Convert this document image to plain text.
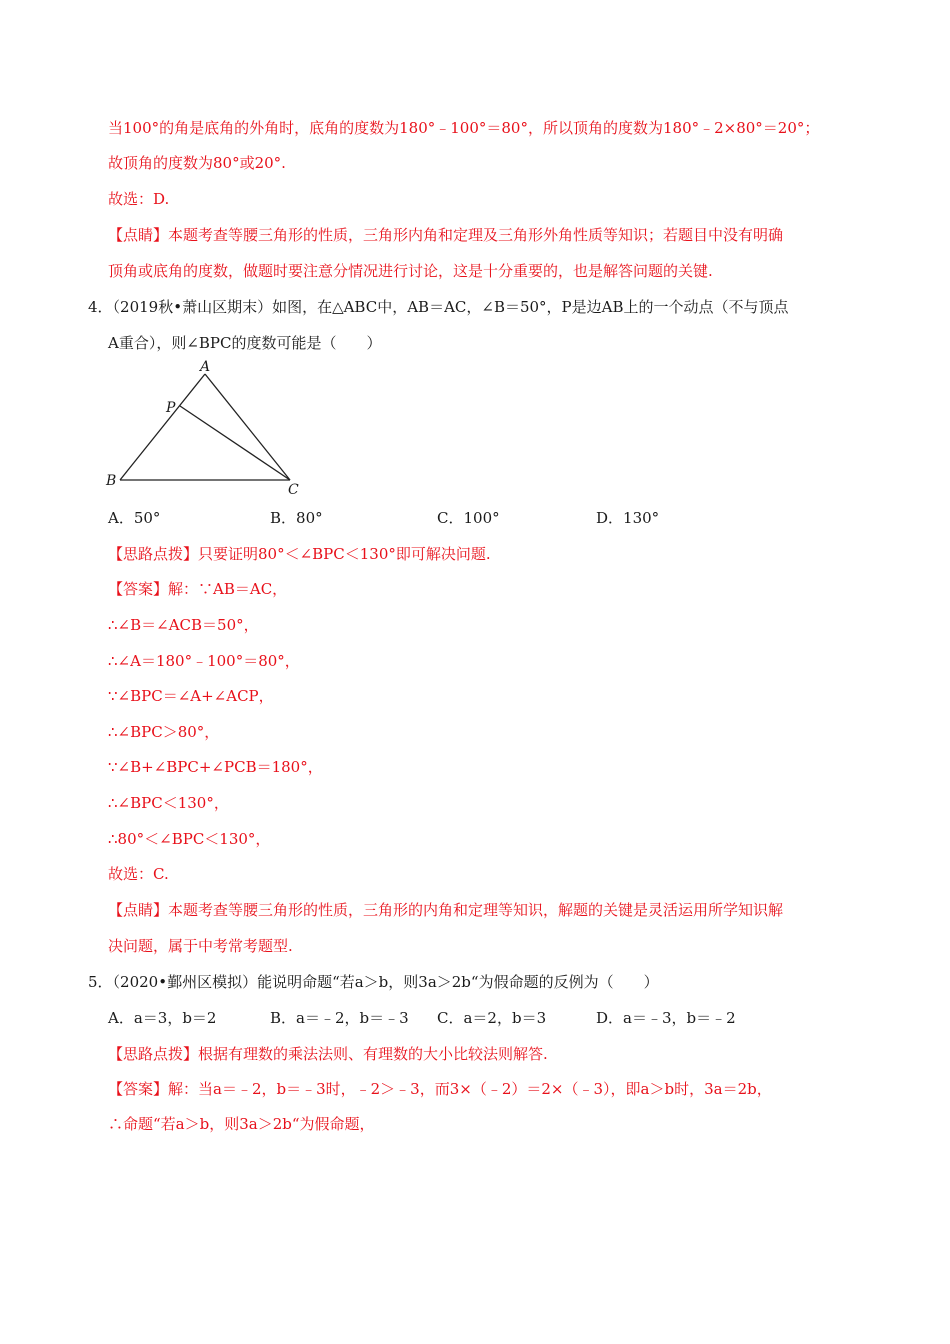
当100°的角是底角的外角时，底角的度数为180°﹣100°＝80°，所以顶角的度数为180°﹣2×80°＝20°；
故顶角的度数为80°或20°.
故选：D.
【点睛】本题考查等腰三角形的性质，三角形内角和定理及三角形外角性质等知识；若题目中没有明确
顶角或底角的度数，做题时要注意分情况进行讨论，这是十分重要的，也是解答问题的关键.
4．（2019秋•萧山区期末）如图，在△ABC中，AB＝AC，∠B＝50°，P是边AB上的一个动点（不与顶点
A重合），则∠BPC的度数可能是（　　）
A
P
B
C
A．50°	B．80°	C．100°	D．130°
【思路点拨】只要证明80°＜∠BPC＜130°即可解决问题.
【答案】解：∵AB＝AC，
∴∠B＝∠ACB＝50°，
∴∠A＝180°﹣100°＝80°，
∵∠BPC＝∠A+∠ACP，
∴∠BPC＞80°，
∵∠B+∠BPC+∠PCB＝180°，
∴∠BPC＜130°，
∴80°＜∠BPC＜130°，
故选：C.
【点睛】本题考查等腰三角形的性质，三角形的内角和定理等知识，解题的关键是灵活运用所学知识解
决问题，属于中考常考题型.
5．（2020•鄞州区模拟）能说明命题“若a＞b，则3a＞2b“为假命题的反例为（　　）
A．a＝3，b＝2	B．a＝﹣2，b＝﹣3 C．a＝2，b＝3	D．a＝﹣3，b＝﹣2
【思路点拨】根据有理数的乘法法则、有理数的大小比较法则解答.
【答案】解：当a＝﹣2，b＝﹣3时，﹣2＞﹣3，而3×（﹣2）＝2×（﹣3），即a＞b时，3a＝2b，
∴命题“若a＞b，则3a＞2b“为假命题，
